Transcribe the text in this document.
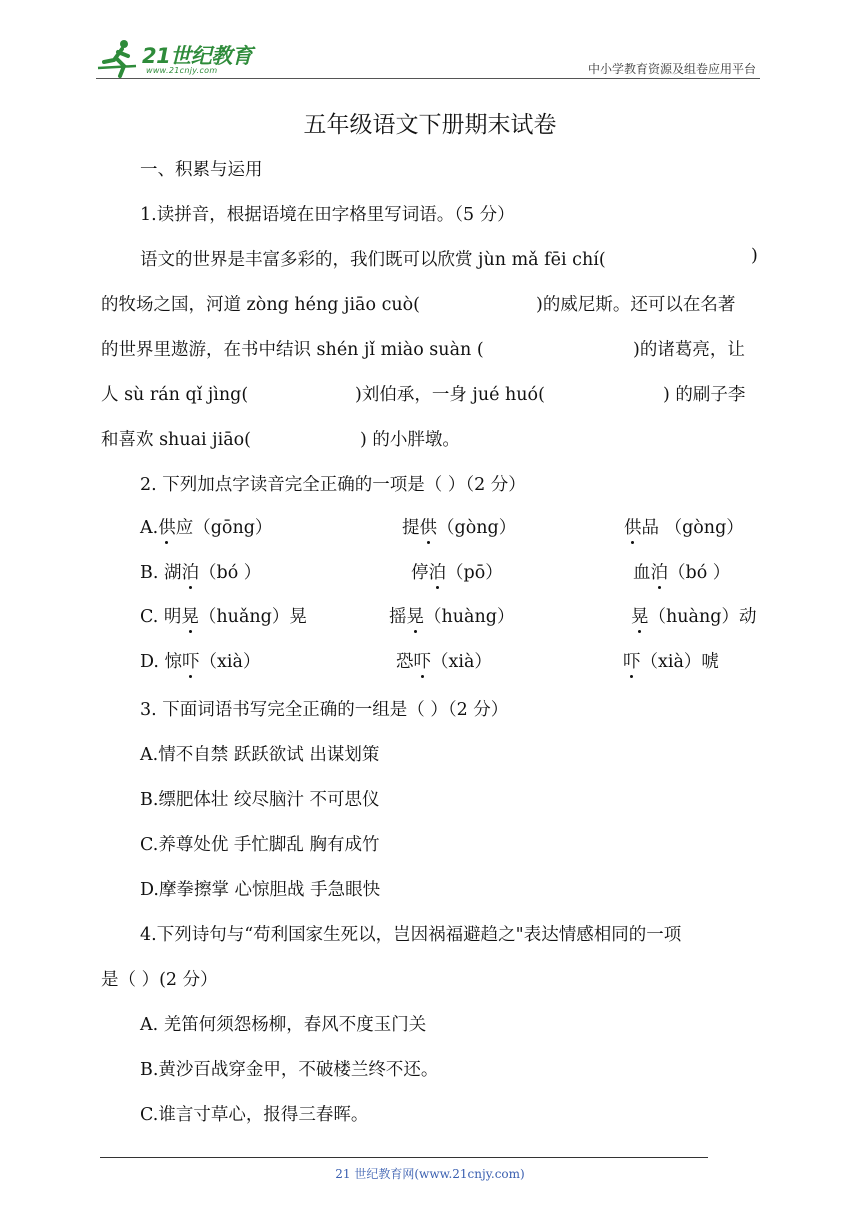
21世纪教育
www.21cnjy.com	中小学教育资源及组卷应用平台
五年级语文下册期末试卷
一、积累与运用
1.读拼音，根据语境在田字格里写词语。（5 分）
语文的世界是丰富多彩的，我们既可以欣赏 jùn mǎ fēi chí(	)
的牧场之国，河道 zòng héng jiāo cuò(	)的威尼斯。还可以在名著
的世界里遨游，在书中结识 shén jǐ miào suàn (	)的诸葛亮，让
人 sù rán qǐ jìng(	)刘伯承，一身 jué huó(	) 的刷子李
和喜欢 shuai jiāo(	) 的小胖墩。
2. 下列加点字读音完全正确的一项是（ ）（2 分）
A.供应（gōng）	提供（gòng）	供品 （gòng）
B. 湖泊（bó ）	停泊（pō）	血泊（bó ）
C. 明晃（huǎng）晃	摇晃（huàng）	晃（huàng）动
D. 惊吓（xià）	恐吓（xià）	吓（xià）唬
3. 下面词语书写完全正确的一组是（ ）（2 分）
A.情不自禁 跃跃欲试 出谋划策
B.缥肥体壮 绞尽脑汁 不可思仪
C.养尊处优 手忙脚乱 胸有成竹
D.摩拳擦掌 心惊胆战 手急眼快
4.下列诗句与“苟利国家生死以，岂因祸福避趋之"表达情感相同的一项
是（ ）(2 分）
A. 羌笛何须怨杨柳，春风不度玉门关
B.黄沙百战穿金甲，不破楼兰终不还。
C.谁言寸草心，报得三春晖。
21 世纪教育网(www.21cnjy.com)
